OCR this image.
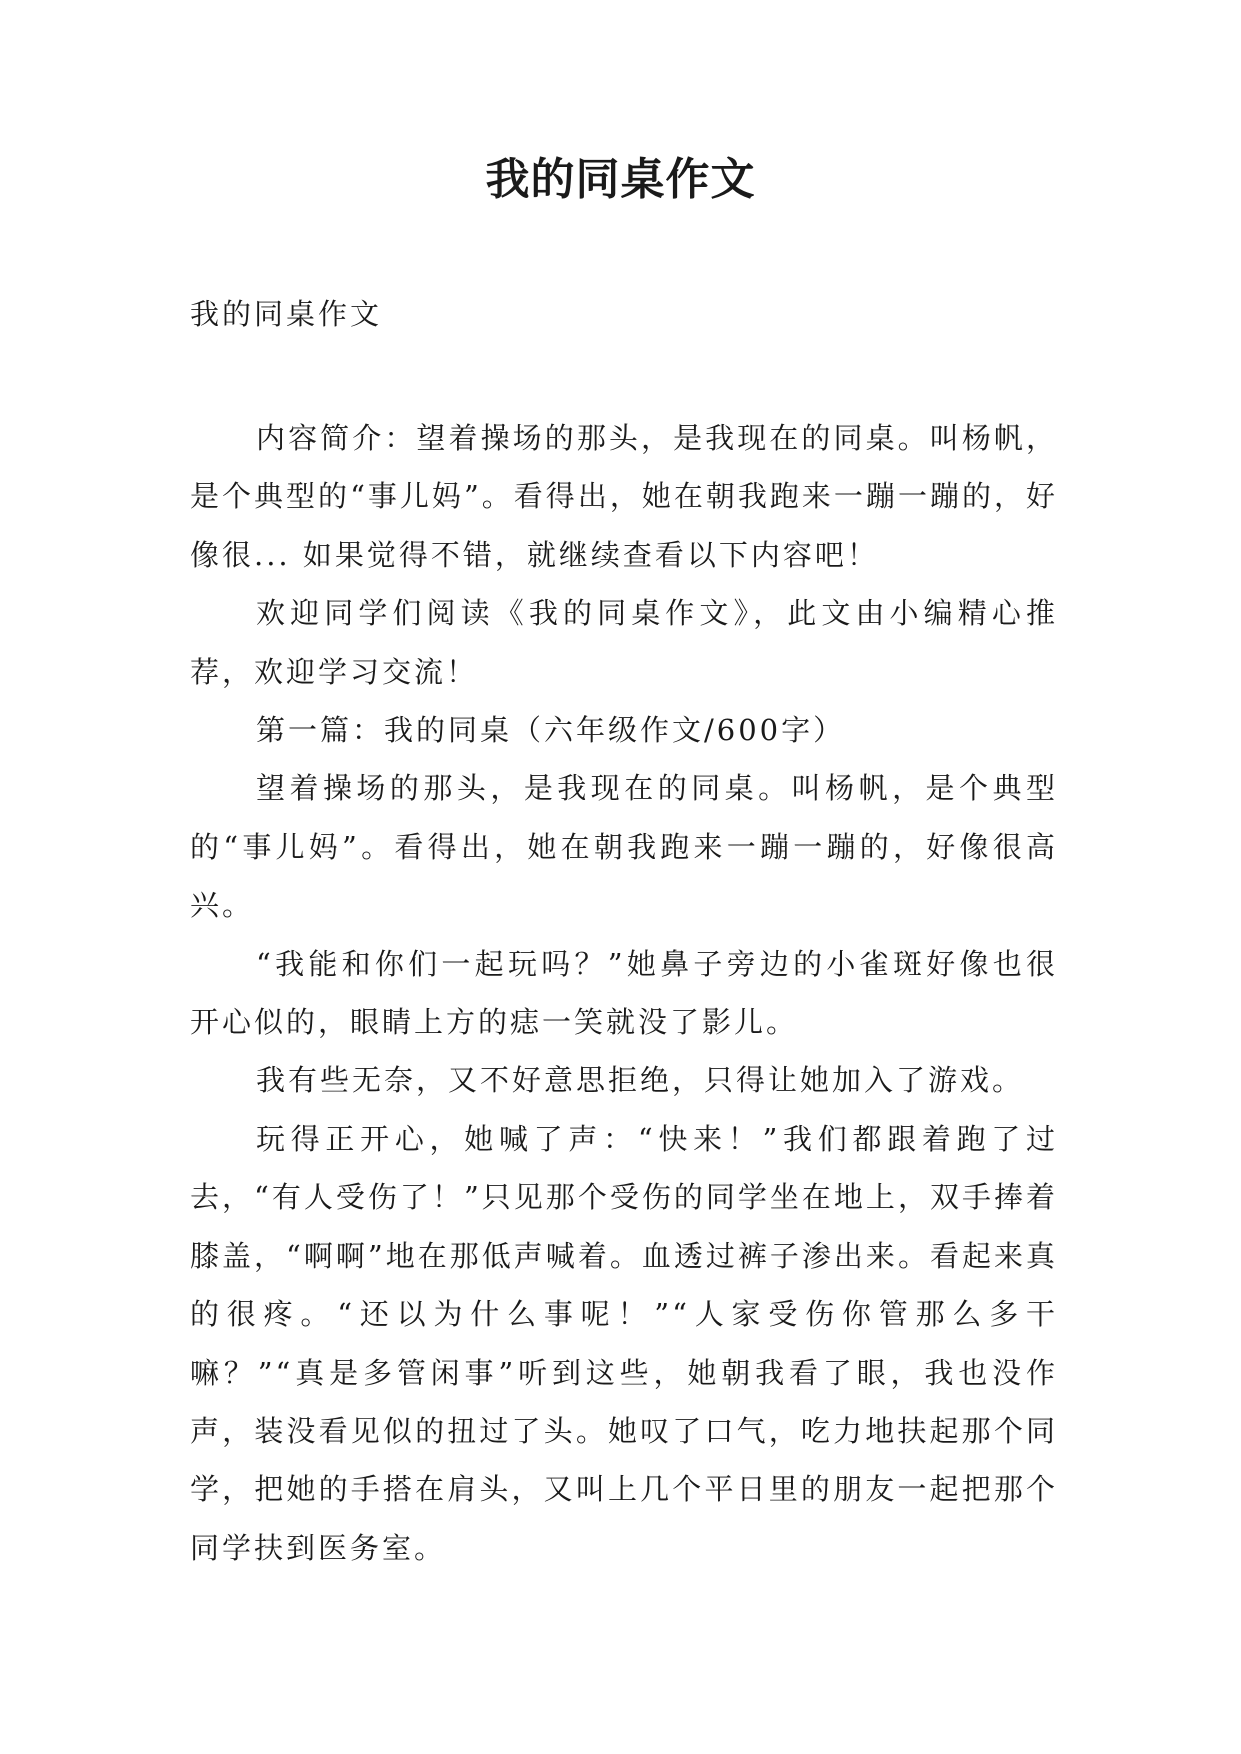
我的同桌作文
我的同桌作文

内容简介：望着操场的那头，是我现在的同桌。叫杨帆，是个典型的“事儿妈”。看得出，她在朝我跑来一蹦一蹦的，好像很... 如果觉得不错，就继续查看以下内容吧！

欢迎同学们阅读《我的同桌作文》，此文由小编精心推荐，欢迎学习交流！

第一篇：我的同桌（六年级作文/600字）

望着操场的那头，是我现在的同桌。叫杨帆，是个典型的“事儿妈”。看得出，她在朝我跑来一蹦一蹦的，好像很高兴。

“我能和你们一起玩吗？”她鼻子旁边的小雀斑好像也很开心似的，眼睛上方的痣一笑就没了影儿。

我有些无奈，又不好意思拒绝，只得让她加入了游戏。

玩得正开心，她喊了声：“快来！”我们都跟着跑了过去，“有人受伤了！”只见那个受伤的同学坐在地上，双手捧着膝盖，“啊啊”地在那低声喊着。血透过裤子渗出来。看起来真的很疼。“还以为什么事呢！”“人家受伤你管那么多干嘛？”“真是多管闲事”听到这些，她朝我看了眼，我也没作声，装没看见似的扭过了头。她叹了口气，吃力地扶起那个同学，把她的手搭在肩头，又叫上几个平日里的朋友一起把那个同学扶到医务室。
